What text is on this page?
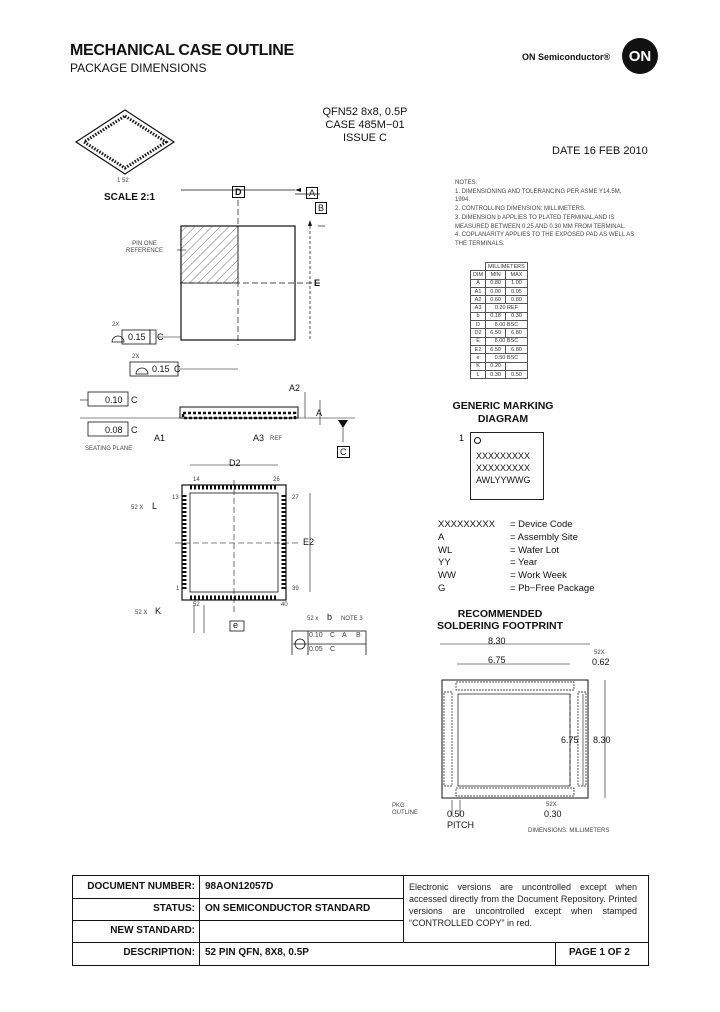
MECHANICAL CASE OUTLINE
PACKAGE DIMENSIONS
ON Semiconductor®	ON
QFN52 8x8, 0.5P
CASE 485M−01
ISSUE C
DATE 16 FEB 2010
1 52
SCALE 2:1	D	A
B
E
PIN ONE
REFERENCE
2X
0.15 C
2X
0.15 C
0.10 C
0.08 C
A2
A
A1	A3 REF
SEATING PLANE	C
D2
E2
14	26
13	27
1	39
52	40
52 X L
52 X K
e
52 x b NOTE 3
0.10 C A B
0.05 C
NOTES:
1. DIMENSIONING AND TOLERANCING PER ASME Y14.5M, 1994.
2. CONTROLLING DIMENSION: MILLIMETERS.
3. DIMENSION b APPLIES TO PLATED TERMINAL AND IS MEASURED BETWEEN 0.25 AND 0.30 MM FROM TERMINAL.
4. COPLANARITY APPLIES TO THE EXPOSED PAD AS WELL AS THE TERMINALS.
	MILLIMETERS	
DIM	MIN	MAX
A	0.80	1.00
A1	0.00	0.05
A2	0.60	0.80
A3	0.20 REF	
b	0.18	0.30
D	8.00 BSC	
D2	6.50	6.80
E	8.00 BSC	
E2	6.50	6.80
e	0.50 BSC	
K	0.20	
L	0.30	0.50
GENERIC MARKING
DIAGRAM
1
XXXXXXXXX
XXXXXXXXX
AWLYYWWG
XXXXXXXXX = Device Code
A	= Assembly Site
WL	= Wafer Lot
YY	= Year
WW	= Work Week
G	= Pb−Free Package
RECOMMENDED
SOLDERING FOOTPRINT
8.30
6.75
52X
0.62
6.75 8.30
PKG
OUTLINE	0.50
PITCH
52X
0.30
DIMENSIONS: MILLIMETERS
DOCUMENT NUMBER: 98AON12057D
STATUS: ON SEMICONDUCTOR STANDARD
NEW STANDARD:
DESCRIPTION: 52 PIN QFN, 8X8, 0.5P
Electronic versions are uncontrolled except when accessed directly from the Document Repository. Printed versions are uncontrolled except when stamped “CONTROLLED COPY” in red.
PAGE 1 OF 2
